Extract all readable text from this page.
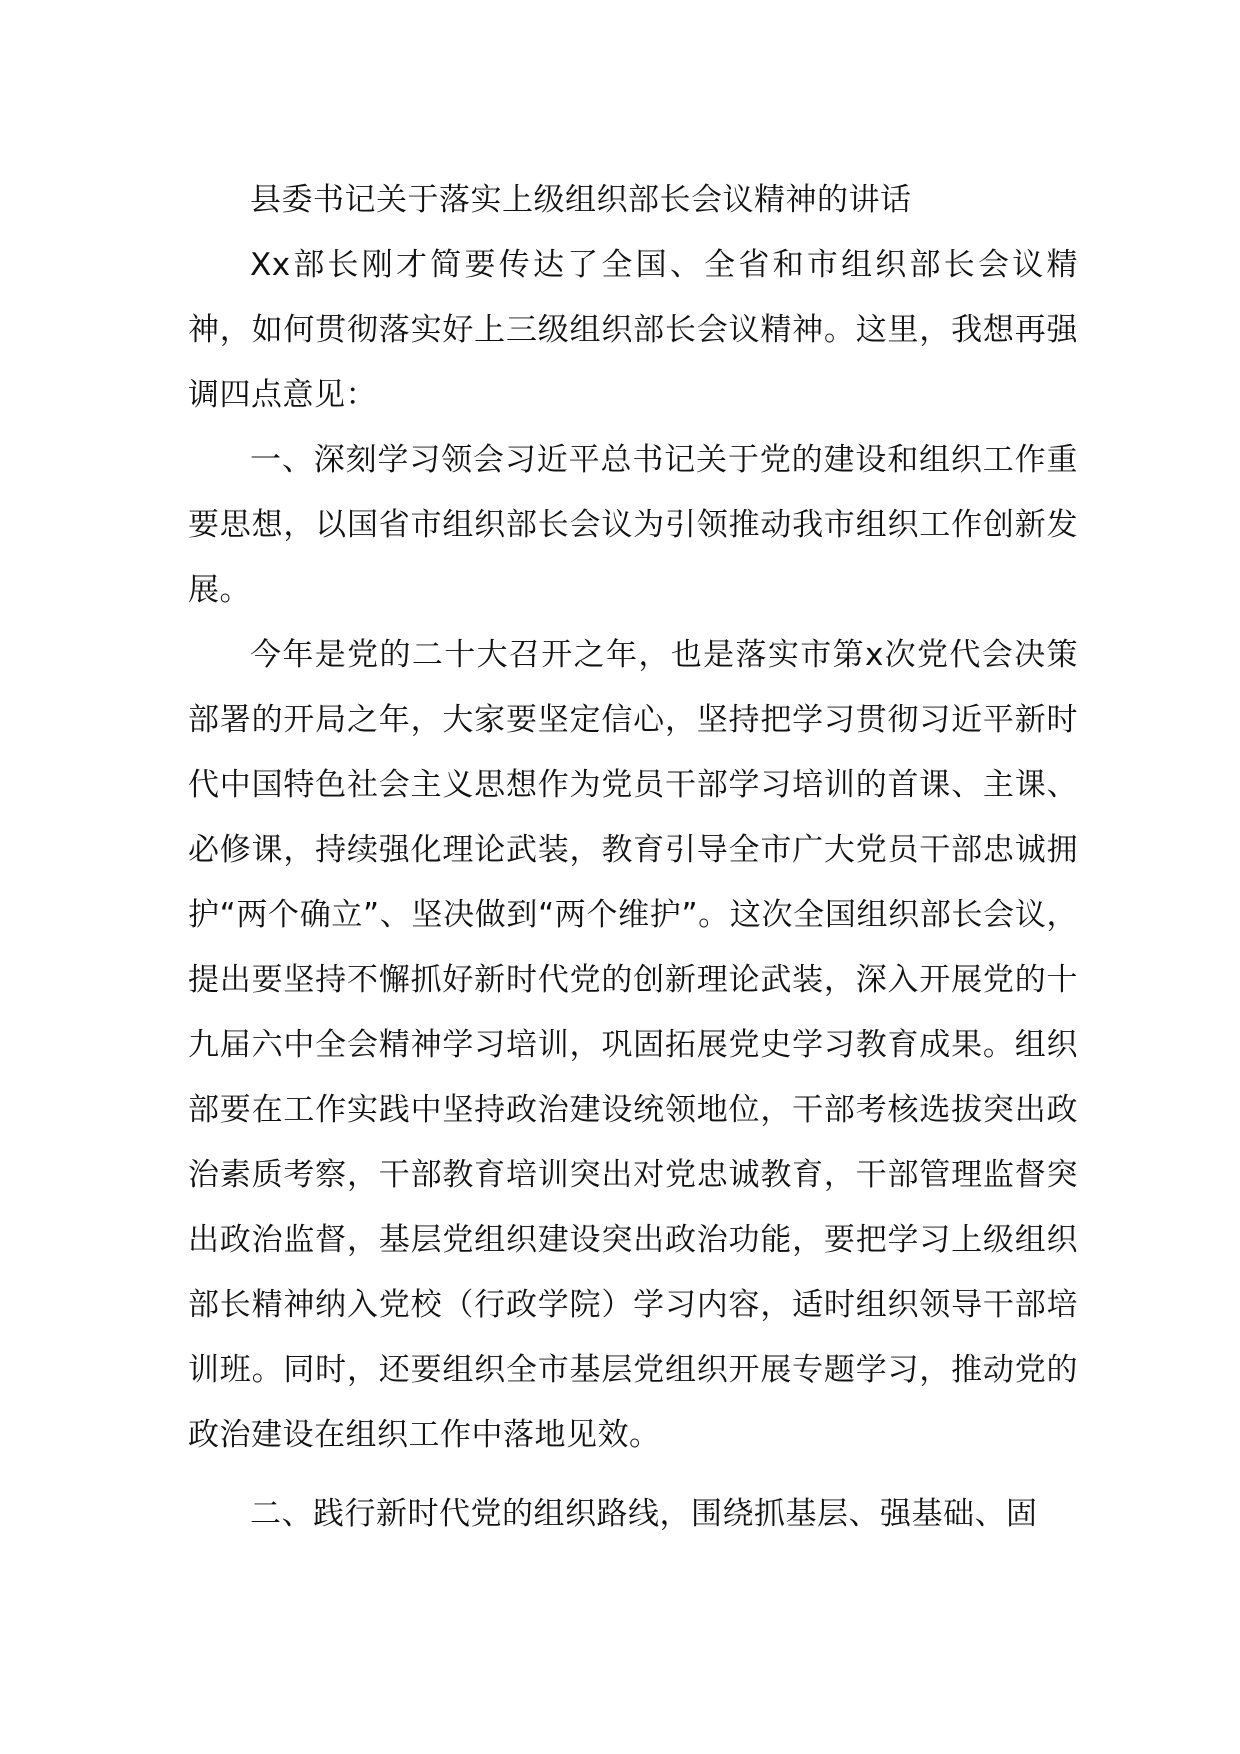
县委书记关于落实上级组织部长会议精神的讲话

Xx部长刚才简要传达了全国、全省和市组织部长会议精神，如何贯彻落实好上三级组织部长会议精神。这里，我想再强调四点意见：

一、深刻学习领会习近平总书记关于党的建设和组织工作重要思想，以国省市组织部长会议为引领推动我市组织工作创新发展。

今年是党的二十大召开之年，也是落实市第x次党代会决策部署的开局之年，大家要坚定信心，坚持把学习贯彻习近平新时代中国特色社会主义思想作为党员干部学习培训的首课、主课、必修课，持续强化理论武装，教育引导全市广大党员干部忠诚拥护“两个确立”、坚决做到“两个维护”。这次全国组织部长会议，提出要坚持不懈抓好新时代党的创新理论武装，深入开展党的十九届六中全会精神学习培训，巩固拓展党史学习教育成果。组织部要在工作实践中坚持政治建设统领地位，干部考核选拔突出政治素质考察，干部教育培训突出对党忠诚教育，干部管理监督突出政治监督，基层党组织建设突出政治功能，要把学习上级组织部长精神纳入党校（行政学院）学习内容，适时组织领导干部培训班。同时，还要组织全市基层党组织开展专题学习，推动党的政治建设在组织工作中落地见效。

二、践行新时代党的组织路线，围绕抓基层、强基础、固
